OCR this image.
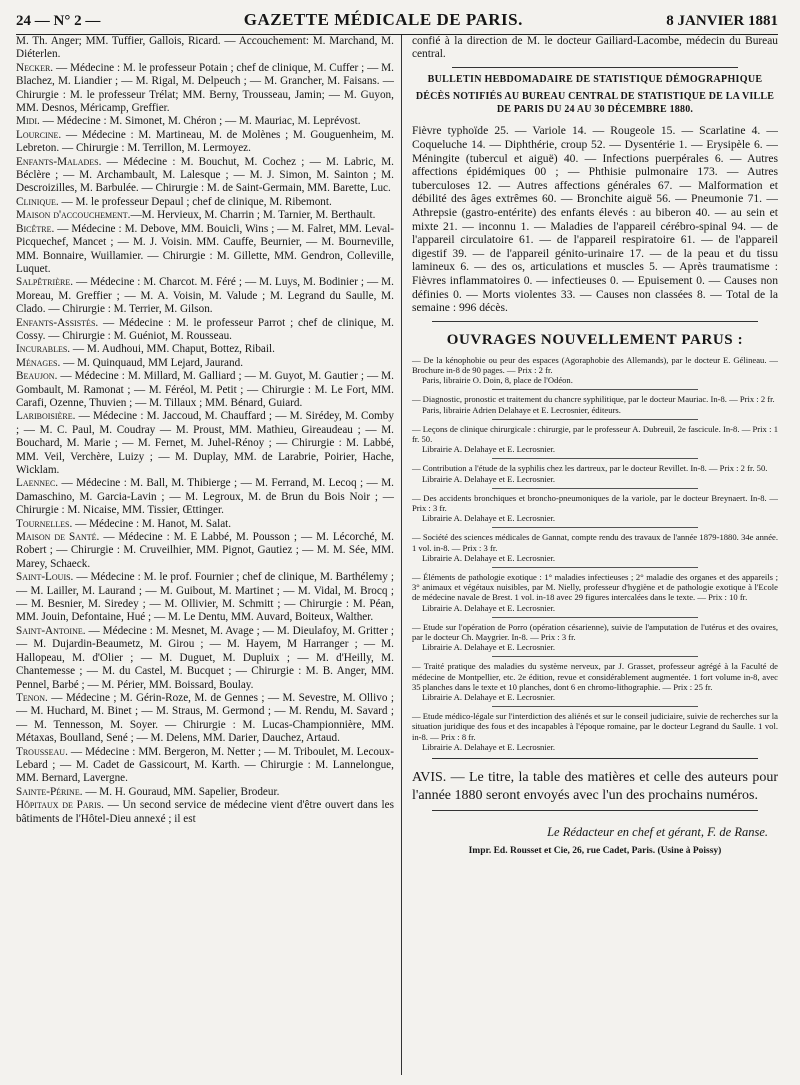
24 — N° 2 —	GAZETTE MÉDICALE DE PARIS.	8 JANVIER 1881

M. Th. Anger; MM. Tuffier, Gallois, Ricard. — Accouchement: M. Marchand, M. Diéterlen.

Necker. — Médecine : M. le professeur Potain ; chef de clinique, M. Cuffer ; — M. Blachez, M. Liandier ; — M. Rigal, M. Delpeuch ; — M. Grancher, M. Faisans. — Chirurgie : M. le professeur Trélat; MM. Berny, Trousseau, Jamin; — M. Guyon, MM. Desnos, Méricamp, Greffier.

Midi. — Médecine : M. Simonet, M. Chéron ; — M. Mauriac, M. Leprévost.

Lourcine. — Médecine : M. Martineau, M. de Molènes ; M. Gouguenheim, M. Lebreton. — Chirurgie : M. Terrillon, M. Lermoyez.

Enfants-Malades. — Médecine : M. Bouchut, M. Cochez ; — M. Labric, M. Béclère ; — M. Archambault, M. Lalesque ; — M. J. Simon, M. Sainton ; M. Descroizilles, M. Barbulée. — Chirurgie : M. de Saint-Germain, MM. Barette, Luc.

Clinique. — M. le professeur Depaul ; chef de clinique, M. Ribemont.

Maison d'accouchement.—M. Hervieux, M. Charrin ; M. Tarnier, M. Berthault.

Bicêtre. — Médecine : M. Debove, MM. Bouicli, Wins ; — M. Falret, MM. Leval-Picquechef, Mancet ; — M. J. Voisin. MM. Cauffe, Beurnier, — M. Bourneville, MM. Bonnaire, Wuillamier. — Chirurgie : M. Gillette, MM. Gendron, Colleville, Luquet.

Salpêtrière. — Médecine : M. Charcot. M. Féré ; — M. Luys, M. Bodinier ; — M. Moreau, M. Greffier ; — M. A. Voisin, M. Valude ; M. Legrand du Saulle, M. Clado. — Chirurgie : M. Terrier, M. Gilson.

Enfants-Assistés. — Médecine : M. le professeur Parrot ; chef de clinique, M. Cossy. — Chirurgie : M. Guéniot, M. Rousseau.

Incurables. — M. Audhoui, MM. Chaput, Bottez, Ribail.

Ménages. — M. Quinquaud, MM Lejard, Jaurand.

Beaujon. — Médecine : M. Millard, M. Galliard ; — M. Guyot, M. Gautier ; — M. Gombault, M. Ramonat ; — M. Féréol, M. Petit ; — Chirurgie : M. Le Fort, MM. Carafi, Ozenne, Thuvien ; — M. Tillaux ; MM. Bénard, Guiard.

Lariboisière. — Médecine : M. Jaccoud, M. Chauffard ; — M. Sirédey, M. Comby ; — M. C. Paul, M. Coudray — M. Proust, MM. Mathieu, Gireaudeau ; — M. Bouchard, M. Marie ; — M. Fernet, M. Juhel-Rénoy ; — Chirurgie : M. Labbé, MM. Veil, Verchère, Luizy ; — M. Duplay, MM. de Larabrie, Poirier, Hache, Wicklam.

Laennec. — Médecine : M. Ball, M. Thibierge ; — M. Ferrand, M. Lecoq ; — M. Damaschino, M. Garcia-Lavin ; — M. Legroux, M. de Brun du Bois Noir ; — Chirurgie : M. Nicaise, MM. Tissier, Œttinger.

Tournelles. — Médecine : M. Hanot, M. Salat.

Maison de Santé. — Médecine : M. E Labbé, M. Pousson ; — M. Lécorché, M. Robert ; — Chirurgie : M. Cruveilhier, MM. Pignot, Gautiez ; — M. M. Sée, MM. Marey, Schaeck.

Saint-Louis. — Médecine : M. le prof. Fournier ; chef de clinique, M. Barthélemy ; — M. Lailler, M. Laurand ; — M. Guibout, M. Martinet ; — M. Vidal, M. Brocq ; — M. Besnier, M. Siredey ; — M. Ollivier, M. Schmitt ; — Chirurgie : M. Péan, MM. Jouin, Defontaine, Hué ; — M. Le Dentu, MM. Auvard, Boiteux, Walther.

Saint-Antoine. — Médecine : M. Mesnet, M. Avage ; — M. Dieulafoy, M. Gritter ; — M. Dujardin-Beaumetz, M. Girou ; — M. Hayem, M Harranger ; — M. Hallopeau, M. d'Olier ; — M. Duguet, M. Dupluix ; — M. d'Heilly, M. Chantemesse ; — M. du Castel, M. Bucquet ; — Chirurgie : M. B. Anger, MM. Pennel, Barbé ; — M. Périer, MM. Boissard, Boulay.

Tenon. — Médecine ; M. Gérin-Roze, M. de Gennes ; — M. Sevestre, M. Ollivo ; — M. Huchard, M. Binet ; — M. Straus, M. Germond ; — M. Rendu, M. Savard ; — M. Tennesson, M. Soyer. — Chirurgie : M. Lucas-Championnière, MM. Métaxas, Boulland, Sené ; — M. Delens, MM. Darier, Dauchez, Artaud.

Trousseau. — Médecine : MM. Bergeron, M. Netter ; — M. Triboulet, M. Lecoux-Lebard ; — M. Cadet de Gassicourt, M. Karth. — Chirurgie : M. Lannelongue, MM. Bernard, Lavergne.

Sainte-Périne. — M. H. Gouraud, MM. Sapelier, Brodeur.

Hôpitaux de Paris. — Un second service de médecine vient d'être ouvert dans les bâtiments de l'Hôtel-Dieu annexé ; il est

confié à la direction de M. le docteur Gailiard-Lacombe, médecin du Bureau central.
BULLETIN HEBDOMADAIRE DE STATISTIQUE DÉMOGRAPHIQUE
DÉCÈS NOTIFIÉS AU BUREAU CENTRAL DE STATISTIQUE DE LA VILLE DE PARIS DU 24 AU 30 DÉCEMBRE 1880.
Fièvre typhoïde 25. — Variole 14. — Rougeole 15. — Scarlatine 4. — Coqueluche 14. — Diphthérie, croup 52. — Dysentérie 1. — Erysipèle 6. — Méningite (tubercul et aiguë) 40. — Infections puerpérales 6. — Autres affections épidémiques 00 ; — Phthisie pulmonaire 173. — Autres tuberculoses 12. — Autres affections générales 67. — Malformation et débilité des âges extrêmes 60. — Bronchite aiguë 56. — Pneumonie 71. — Athrepsie (gastro-entérite) des enfants élevés : au biberon 40. — au sein et mixte 21. — inconnu 1. — Maladies de l'appareil cérébro-spinal 94. — de l'appareil circulatoire 61. — de l'appareil respiratoire 61. — de l'appareil digestif 39. — de l'appareil génito-urinaire 17. — de la peau et du tissu lamineux 6. — des os, articulations et muscles 5. — Après traumatisme : Fièvres inflammatoires 0. — infectieuses 0. — Epuisement 0. — Causes non définies 0. — Morts violentes 33. — Causes non classées 8. — Total de la semaine : 996 décès.
OUVRAGES NOUVELLEMENT PARUS :
— De la kénophobie ou peur des espaces (Agoraphobie des Allemands), par le docteur E. Gélineau. — Brochure in-8 de 90 pages. — Prix : 2 fr.
Paris, librairie O. Doin, 8, place de l'Odéon.
— Diagnostic, pronostic et traitement du chancre syphilitique, par le docteur Mauriac. In-8. — Prix : 2 fr.
Paris, librairie Adrien Delahaye et E. Lecrosnier, éditeurs.
— Leçons de clinique chirurgicale : chirurgie, par le professeur A. Dubreuil, 2e fascicule. In-8. — Prix : 1 fr. 50.
Librairie A. Delahaye et E. Lecrosnier.
— Contribution a l'étude de la syphilis chez les dartreux, par le docteur Revillet. In-8. — Prix : 2 fr. 50.
Librairie A. Delahaye et E. Lecrosnier.
— Des accidents bronchiques et broncho-pneumoniques de la variole, par le docteur Breynaert. In-8. — Prix : 3 fr.
Librairie A. Delahaye et E. Lecrosnier.
— Société des sciences médicales de Gannat, compte rendu des travaux de l'année 1879-1880. 34e année. 1 vol. in-8. — Prix : 3 fr.
Librairie A. Delahaye et E. Lecrosnier.
— Éléments de pathologie exotique : 1° maladies infectieuses ; 2° maladie des organes et des appareils ; 3° animaux et végétaux nuisibles, par M. Nielly, professeur d'hygiène et de pathologie exotique à l'Ecole de médecine navale de Brest. 1 vol. in-18 avec 29 figures intercalées dans le texte. — Prix : 10 fr.
Librairie A. Delahaye et E. Lecrosnier.
— Etude sur l'opération de Porro (opération césarienne), suivie de l'amputation de l'utérus et des ovaires, par le docteur Ch. Maygrier. In-8. — Prix : 3 fr.
Librairie A. Delahaye et E. Lecrosnier.
— Traité pratique des maladies du système nerveux, par J. Grasset, professeur agrégé à la Faculté de médecine de Montpellier, etc. 2e édition, revue et considérablement augmentée. 1 fort volume in-8, avec 35 planches dans le texte et 10 planches, dont 6 en chromo-lithographie. — Prix : 25 fr.
Librairie A. Delahaye et E. Lecrosnier.
— Etude médico-légale sur l'interdiction des aliénés et sur le conseil judiciaire, suivie de recherches sur la situation juridique des fous et des incapables à l'époque romaine, par le docteur Legrand du Saulle. 1 vol. in-8. — Prix : 8 fr.
Librairie A. Delahaye et E. Lecrosnier.
AVIS. — Le titre, la table des matières et celle des auteurs pour l'année 1880 seront envoyés avec l'un des prochains numéros.
Le Rédacteur en chef et gérant, F. de Ranse.
Impr. Ed. Rousset et Cie, 26, rue Cadet, Paris. (Usine à Poissy)
